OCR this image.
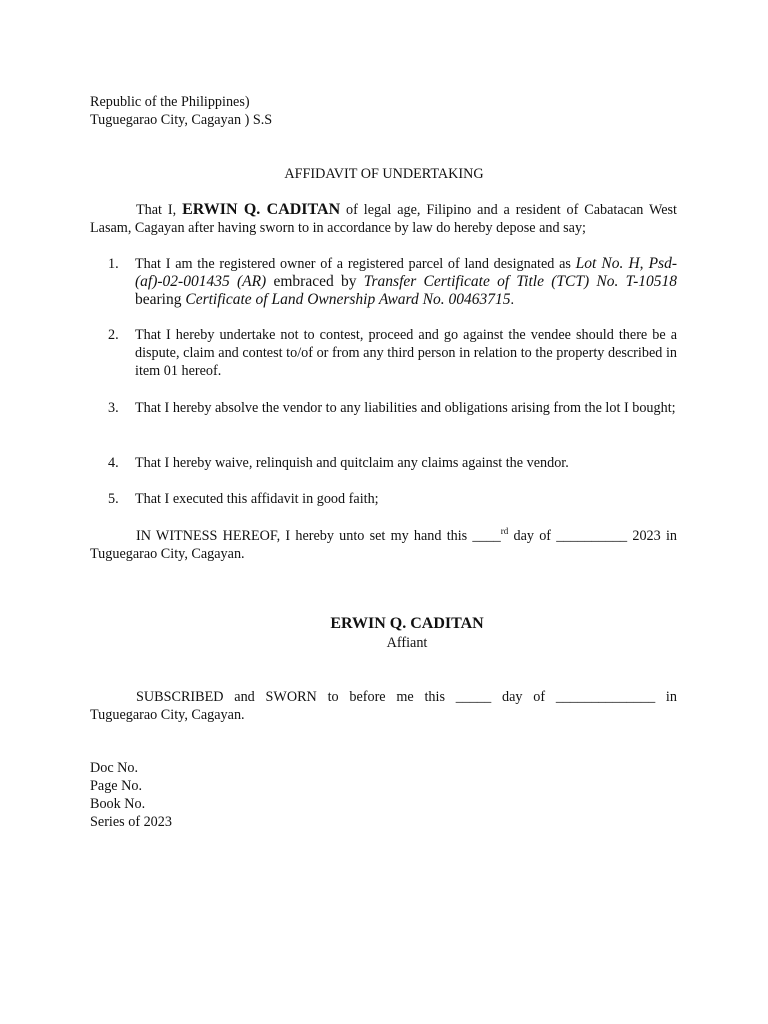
Republic of the Philippines)
Tuguegarao City, Cagayan ) S.S
AFFIDAVIT OF UNDERTAKING
That I, ERWIN Q. CADITAN of legal age, Filipino and a resident of Cabatacan West Lasam, Cagayan after having sworn to in accordance by law do hereby depose and say;
1.	That I am the registered owner of a registered parcel of land designated as Lot No. H, Psd-(af)-02-001435 (AR) embraced by Transfer Certificate of Title (TCT) No. T-10518 bearing Certificate of Land Ownership Award No. 00463715.
2.	That I hereby undertake not to contest, proceed and go against the vendee should there be a dispute, claim and contest to/of or from any third person in relation to the property described in item 01 hereof.
3.	That I hereby absolve the vendor to any liabilities and obligations arising from the lot I bought;
4.	That I hereby waive, relinquish and quitclaim any claims against the vendor.
5.	That I executed this affidavit in good faith;
IN WITNESS HEREOF, I hereby unto set my hand this ____$^{rd}$ day of __________ 2023 in Tuguegarao City, Cagayan.
ERWIN Q. CADITAN
Affiant
SUBSCRIBED and SWORN to before me this _____ day of ______________ in
Tuguegarao City, Cagayan.
Doc No.
Page No.
Book No.
Series of 2023
